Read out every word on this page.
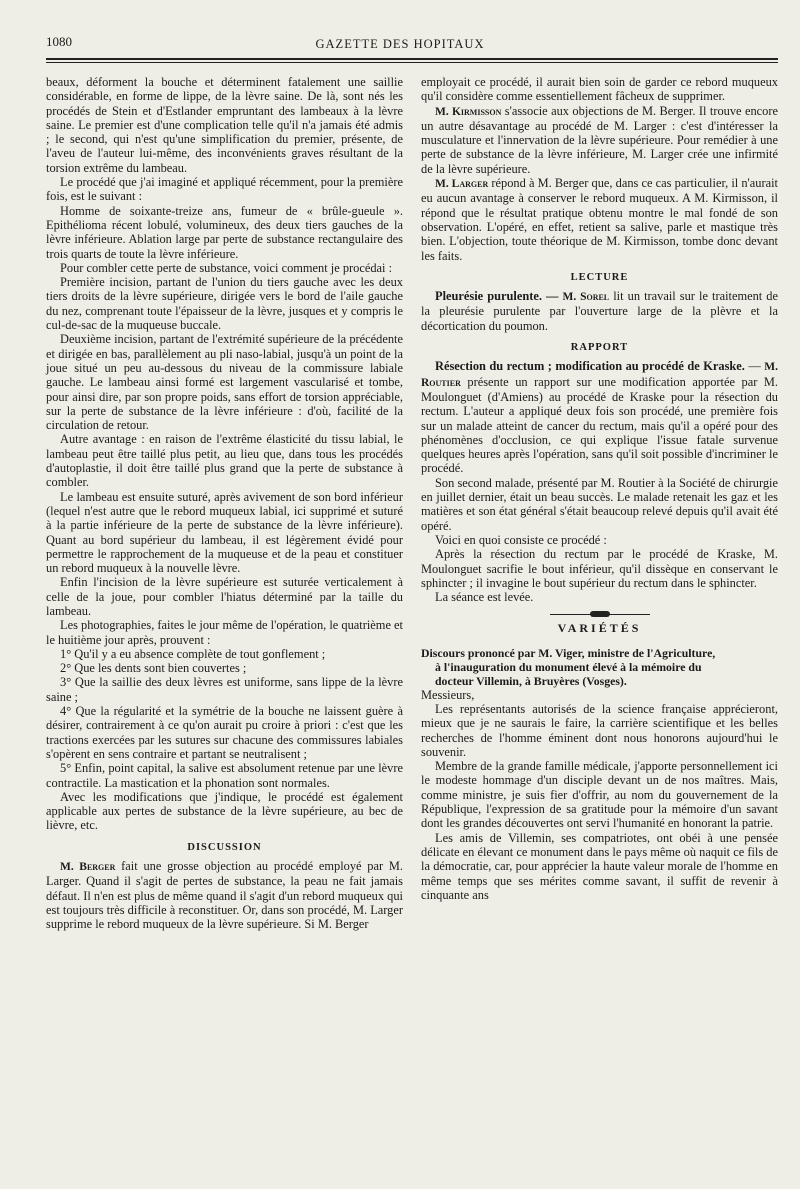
1080	GAZETTE DES HOPITAUX

beaux, déforment la bouche et déterminent fatalement une saillie considérable, en forme de lippe, de la lèvre saine. De là, sont nés les procédés de Stein et d'Estlander empruntant des lambeaux à la lèvre saine. Le premier est d'une complication telle qu'il n'a jamais été admis ; le second, qui n'est qu'une simplification du premier, présente, de l'aveu de l'auteur lui-même, des inconvénients graves résultant de la torsion extrême du lambeau.

Le procédé que j'ai imaginé et appliqué récemment, pour la première fois, est le suivant :

Homme de soixante-treize ans, fumeur de « brûle-gueule ». Epithélioma récent lobulé, volumineux, des deux tiers gauches de la lèvre inférieure. Ablation large par perte de substance rectangulaire des trois quarts de toute la lèvre inférieure.

Pour combler cette perte de substance, voici comment je procédai :

Première incision, partant de l'union du tiers gauche avec les deux tiers droits de la lèvre supérieure, dirigée vers le bord de l'aile gauche du nez, comprenant toute l'épaisseur de la lèvre, jusques et y compris le cul-de-sac de la muqueuse buccale.

Deuxième incision, partant de l'extrémité supérieure de la précédente et dirigée en bas, parallèlement au pli naso-labial, jusqu'à un point de la joue situé un peu au-dessous du niveau de la commissure labiale gauche. Le lambeau ainsi formé est largement vascularisé et tombe, pour ainsi dire, par son propre poids, sans effort de torsion appréciable, sur la perte de substance de la lèvre inférieure : d'où, facilité de la circulation de retour.

Autre avantage : en raison de l'extrême élasticité du tissu labial, le lambeau peut être taillé plus petit, au lieu que, dans tous les procédés d'autoplastie, il doit être taillé plus grand que la perte de substance à combler.

Le lambeau est ensuite suturé, après avivement de son bord inférieur (lequel n'est autre que le rebord muqueux labial, ici supprimé et suturé à la partie inférieure de la perte de substance de la lèvre inférieure). Quant au bord supérieur du lambeau, il est légèrement évidé pour permettre le rapprochement de la muqueuse et de la peau et constituer un rebord muqueux à la nouvelle lèvre.

Enfin l'incision de la lèvre supérieure est suturée verticalement à celle de la joue, pour combler l'hiatus déterminé par la taille du lambeau.

Les photographies, faites le jour même de l'opération, le quatrième et le huitième jour après, prouvent :

1° Qu'il y a eu absence complète de tout gonflement ;

2° Que les dents sont bien couvertes ;

3° Que la saillie des deux lèvres est uniforme, sans lippe de la lèvre saine ;

4° Que la régularité et la symétrie de la bouche ne laissent guère à désirer, contrairement à ce qu'on aurait pu croire à priori : c'est que les tractions exercées par les sutures sur chacune des commissures labiales s'opèrent en sens contraire et partant se neutralisent ;

5° Enfin, point capital, la salive est absolument retenue par une lèvre contractile. La mastication et la phonation sont normales.

Avec les modifications que j'indique, le procédé est également applicable aux pertes de substance de la lèvre supérieure, au bec de lièvre, etc.

DISCUSSION

M. Berger fait une grosse objection au procédé employé par M. Larger. Quand il s'agit de pertes de substance, la peau ne fait jamais défaut. Il n'en est plus de même quand il s'agit d'un rebord muqueux qui est toujours très difficile à reconstituer. Or, dans son procédé, M. Larger supprime le rebord muqueux de la lèvre supérieure. Si M. Berger

employait ce procédé, il aurait bien soin de garder ce rebord muqueux qu'il considère comme essentiellement fâcheux de supprimer.

M. Kirmisson s'associe aux objections de M. Berger. Il trouve encore un autre désavantage au procédé de M. Larger : c'est d'intéresser la musculature et l'innervation de la lèvre supérieure. Pour remédier à une perte de substance de la lèvre inférieure, M. Larger crée une infirmité de la lèvre supérieure.

M. Larger répond à M. Berger que, dans ce cas particulier, il n'aurait eu aucun avantage à conserver le rebord muqueux. A M. Kirmisson, il répond que le résultat pratique obtenu montre le mal fondé de son observation. L'opéré, en effet, retient sa salive, parle et mastique très bien. L'objection, toute théorique de M. Kirmisson, tombe donc devant les faits.

LECTURE

Pleurésie purulente. — M. Sorel lit un travail sur le traitement de la pleurésie purulente par l'ouverture large de la plèvre et la décortication du poumon.

RAPPORT

Résection du rectum ; modification au procédé de Kraske. — M. Routier présente un rapport sur une modification apportée par M. Moulonguet (d'Amiens) au procédé de Kraske pour la résection du rectum. L'auteur a appliqué deux fois son procédé, une première fois sur un malade atteint de cancer du rectum, mais qu'il a opéré pour des phénomènes d'occlusion, ce qui explique l'issue fatale survenue quelques heures après l'opération, sans qu'il soit possible d'incriminer le procédé.

Son second malade, présenté par M. Routier à la Société de chirurgie en juillet dernier, était un beau succès. Le malade retenait les gaz et les matières et son état général s'était beaucoup relevé depuis qu'il avait été opéré.

Voici en quoi consiste ce procédé :

Après la résection du rectum par le procédé de Kraske, M. Moulonguet sacrifie le bout inférieur, qu'il dissèque en conservant le sphincter ; il invagine le bout supérieur du rectum dans le sphincter.

La séance est levée.

VARIÉTÉS
Discours prononcé par M. Viger, ministre de l'Agriculture,
à l'inauguration du monument élevé à la mémoire du
docteur Villemin, à Bruyères (Vosges).

Messieurs,

Les représentants autorisés de la science française apprécieront, mieux que je ne saurais le faire, la carrière scientifique et les belles recherches de l'homme éminent dont nous honorons aujourd'hui le souvenir.

Membre de la grande famille médicale, j'apporte personnellement ici le modeste hommage d'un disciple devant un de nos maîtres. Mais, comme ministre, je suis fier d'offrir, au nom du gouvernement de la République, l'expression de sa gratitude pour la mémoire d'un savant dont les grandes découvertes ont servi l'humanité en honorant la patrie.

Les amis de Villemin, ses compatriotes, ont obéi à une pensée délicate en élevant ce monument dans le pays même où naquit ce fils de la démocratie, car, pour apprécier la haute valeur morale de l'homme en même temps que ses mérites comme savant, il suffit de revenir à cinquante ans
